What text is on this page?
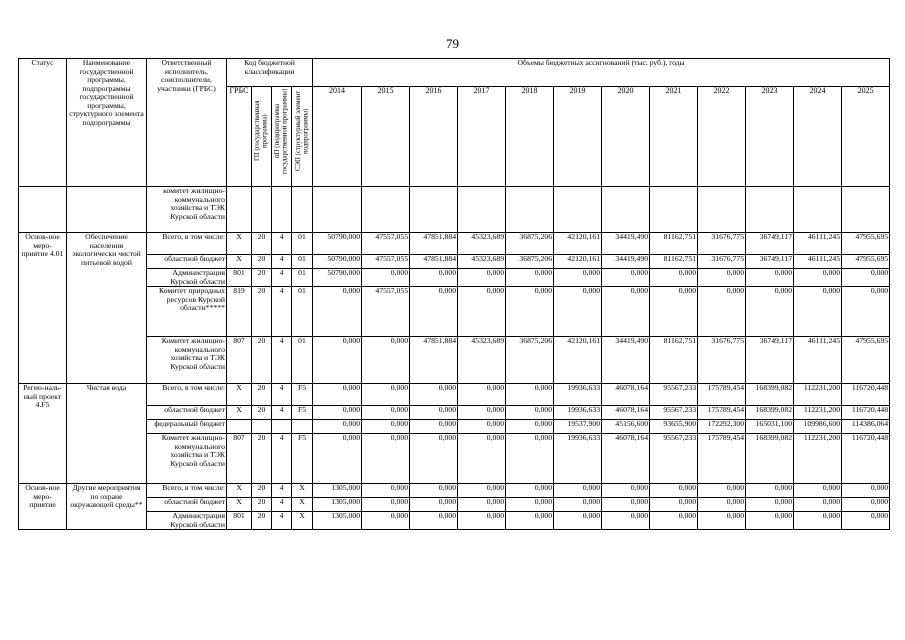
79
Статус	Наименование государственной программы, подпрограммы государственной программы, структурного элемента подпрограммы	Ответственный исполнитель, соисполнители, участники (ГРБС)	Код бюджетной классификации				Объемы бюджетных ассигнований (тыс. руб.), годы											
			ГРБС	ГП (государственная программа)	пП (подпрограмма государственной программы)	СЭП (структурный элемент подпрограммы)	2014	2015	2016	2017	2018	2019	2020	2021	2022	2023	2024	2025
		комитет жилищно-коммунального хозяйства и ТЭК Курской области																
Основ-ное меро-приятие 4.01	Обеспечение населения экологически чистой питьевой водой	Всего, в том числе:	X	20	4	01	50790,000	47557,055	47851,884	45323,689	36875,206	42120,161	34419,490	81162,751	31676,775	36749,117	46111,245	47955,695
		областной бюджет	X	20	4	01	50790,000	47557,055	47851,884	45323,689	36875,206	42120,161	34419,490	81162,751	31676,775	36749,117	46111,245	47955,695
		Администрация Курской области	801	20	4	01	50790,000	0,000	0,000	0,000	0,000	0,000	0,000	0,000	0,000	0,000	0,000	0,000
		Комитет природных ресурсов Курской области*****	819	20	4	01	0,000	47557,055	0,000	0,000	0,000	0,000	0,000	0,000	0,000	0,000	0,000	0,000
		Комитет жилищно-коммунального хозяйства и ТЭК Курской области	807	20	4	01	0,000	0,000	47851,884	45323,689	36875,206	42120,161	34419,490	81162,751	31676,775	36749,117	46111,245	47955,695
Регио-наль-ный проект 4.F5	Чистая вода	Всего, в том числе:	X	20	4	F5	0,000	0,000	0,000	0,000	0,000	19936,633	46078,164	95567,233	175789,454	168399,082	112231,200	116720,448
		областной бюджет	X	20	4	F5	0,000	0,000	0,000	0,000	0,000	19936,633	46078,164	95567,233	175789,454	168399,082	112231,200	116720,448
		федеральный бюджет					0,000	0,000	0,000	0,000	0,000	19537,900	45156,600	93655,900	172292,300	165031,100	109986,600	114386,064
		Комитет жилищно-коммунального хозяйства и ТЭК Курской области	807	20	4	F5	0,000	0,000	0,000	0,000	0,000	19936,633	46078,164	95567,233	175789,454	168399,082	112231,200	116720,448
Основ-ное меро-приятие	Другие мероприятия по охране окружающей среды**	Всего, в том числе:	X	20	4	X	1305,000	0,000	0,000	0,000	0,000	0,000	0,000	0,000	0,000	0,000	0,000	0,000
		областной бюджет	X	20	4	X	1305,000	0,000	0,000	0,000	0,000	0,000	0,000	0,000	0,000	0,000	0,000	0,000
		Администрация Курской области	801	20	4	X	1305,000	0,000	0,000	0,000	0,000	0,000	0,000	0,000	0,000	0,000	0,000	0,000
